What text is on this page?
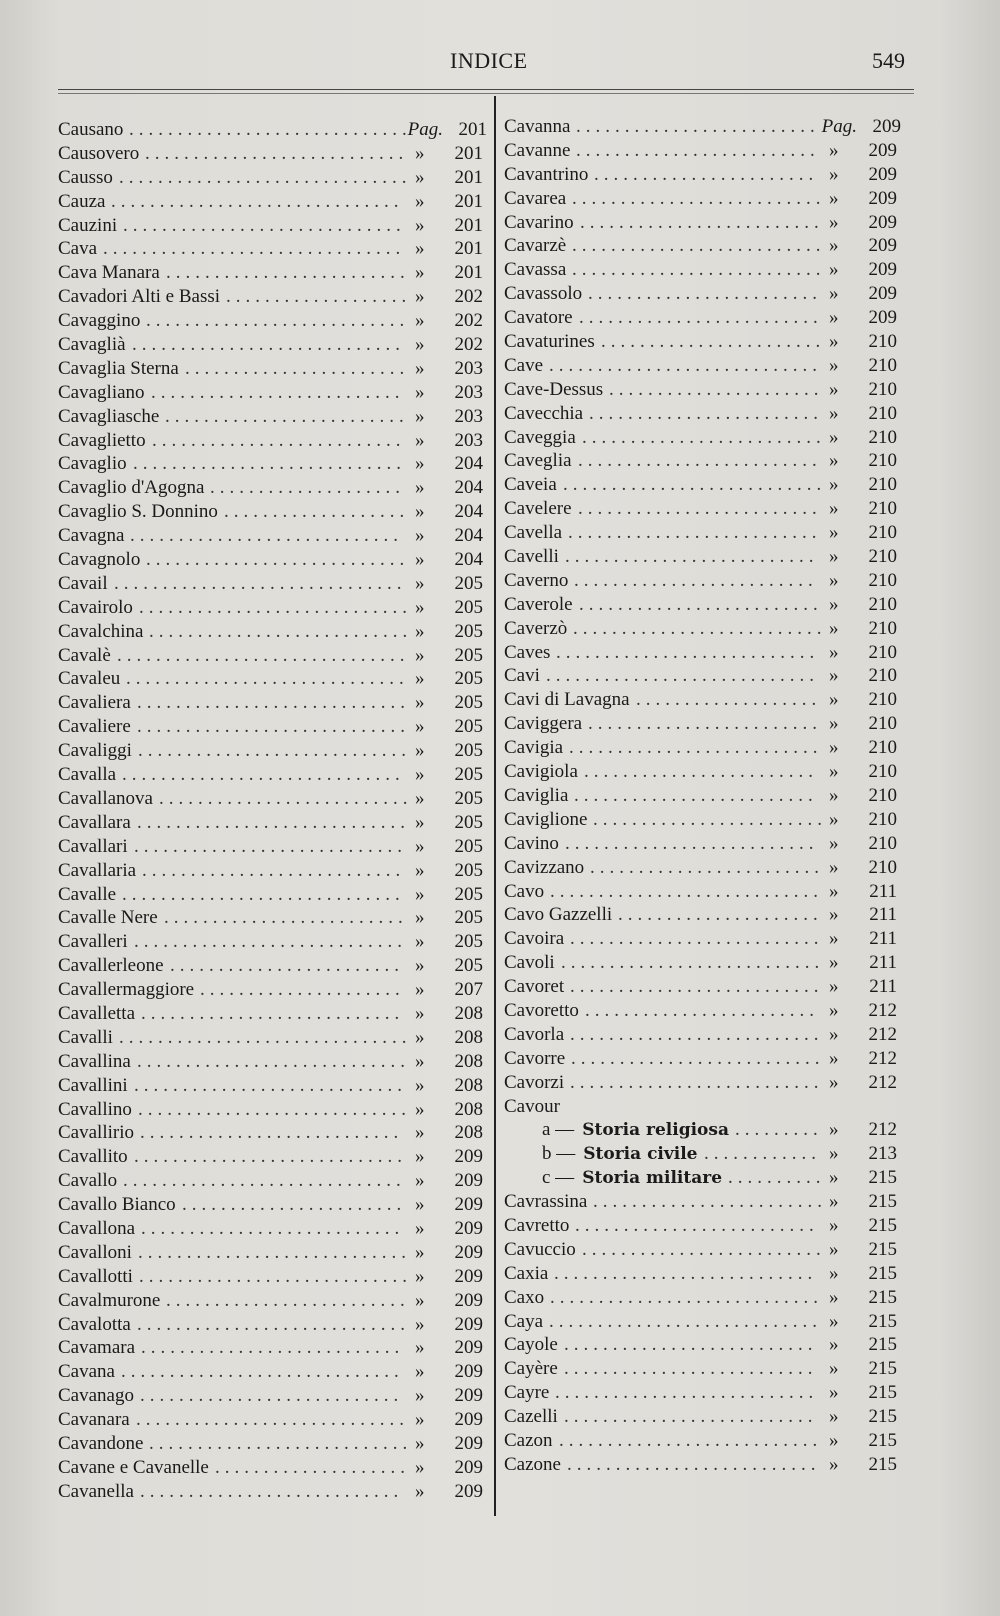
INDICE	549
.............................
Causano	Pag. 201
...........................
Causovero	» 201
..............................
Causso	» 201
..............................
Cauza	» 201
.............................
Cauzini	» 201
...............................
Cava	» 201
.........................
Cava Manara	» 201
...................
Cavadori Alti e Bassi	» 202
...........................
Cavaggino	» 202
............................
Cavaglià	» 202
.......................
Cavaglia Sterna	» 203
..........................
Cavagliano	» 203
.........................
Cavagliasche	» 203
..........................
Cavaglietto	» 203
............................
Cavaglio	» 204
....................
Cavaglio d'Agogna	» 204
...................
Cavaglio S. Donnino	» 204
............................
Cavagna	» 204
...........................
Cavagnolo	» 204
..............................
Cavail	» 205
............................
Cavairolo	» 205
...........................
Cavalchina	» 205
..............................
Cavalè	» 205
.............................
Cavaleu	» 205
............................
Cavaliera	» 205
............................
Cavaliere	» 205
............................
Cavaliggi	» 205
.............................
Cavalla	» 205
..........................
Cavallanova	» 205
............................
Cavallara	» 205
............................
Cavallari	» 205
...........................
Cavallaria	» 205
.............................
Cavalle	» 205
.........................
Cavalle Nere	» 205
............................
Cavalleri	» 205
........................
Cavallerleone	» 205
.....................
Cavallermaggiore	» 207
...........................
Cavalletta	» 208
..............................
Cavalli	» 208
............................
Cavallina	» 208
............................
Cavallini	» 208
............................
Cavallino	» 208
...........................
Cavallirio	» 208
............................
Cavallito	» 209
.............................
Cavallo	» 209
.......................
Cavallo Bianco	» 209
...........................
Cavallona	» 209
............................
Cavalloni	» 209
............................
Cavallotti	» 209
.........................
Cavalmurone	» 209
............................
Cavalotta	» 209
...........................
Cavamara	» 209
.............................
Cavana	» 209
...........................
Cavanago	» 209
............................
Cavanara	» 209
...........................
Cavandone	» 209
....................
Cavane e Cavanelle	» 209
...........................
Cavanella	» 209
.........................
Cavanna	Pag. 209
.........................
Cavanne	» 209
.......................
Cavantrino	» 209
..........................
Cavarea	» 209
.........................
Cavarino	» 209
..........................
Cavarzè	» 209
..........................
Cavassa	» 209
........................
Cavassolo	» 209
.........................
Cavatore	» 209
.......................
Cavaturines	» 210
............................
Cave	» 210
......................
Cave-Dessus	» 210
........................
Cavecchia	» 210
.........................
Caveggia	» 210
.........................
Caveglia	» 210
...........................
Caveia	» 210
.........................
Cavelere	» 210
..........................
Cavella	» 210
..........................
Cavelli	» 210
.........................
Caverno	» 210
.........................
Caverole	» 210
..........................
Caverzò	» 210
...........................
Caves	» 210
............................
Cavi	» 210
...................
Cavi di Lavagna	» 210
........................
Caviggera	» 210
..........................
Cavigia	» 210
........................
Cavigiola	» 210
.........................
Caviglia	» 210
........................
Caviglione	» 210
..........................
Cavino	» 210
........................
Cavizzano	» 210
............................
Cavo	» 211
.....................
Cavo Gazzelli	» 211
..........................
Cavoira	» 211
...........................
Cavoli	» 211
..........................
Cavoret	» 211
........................
Cavoretto	» 212
..........................
Cavorla	» 212
..........................
Cavorre	» 212
..........................
Cavorzi	» 212
Cavour
.........
a — Storia religiosa	» 212
............
b — Storia civile	» 213
..........
c — Storia militare	» 215
........................
Cavrassina	» 215
.........................
Cavretto	» 215
.........................
Cavuccio	» 215
...........................
Caxia	» 215
............................
Caxo	» 215
............................
Caya	» 215
..........................
Cayole	» 215
..........................
Cayère	» 215
...........................
Cayre	» 215
..........................
Cazelli	» 215
...........................
Cazon	» 215
..........................
Cazone	» 215
